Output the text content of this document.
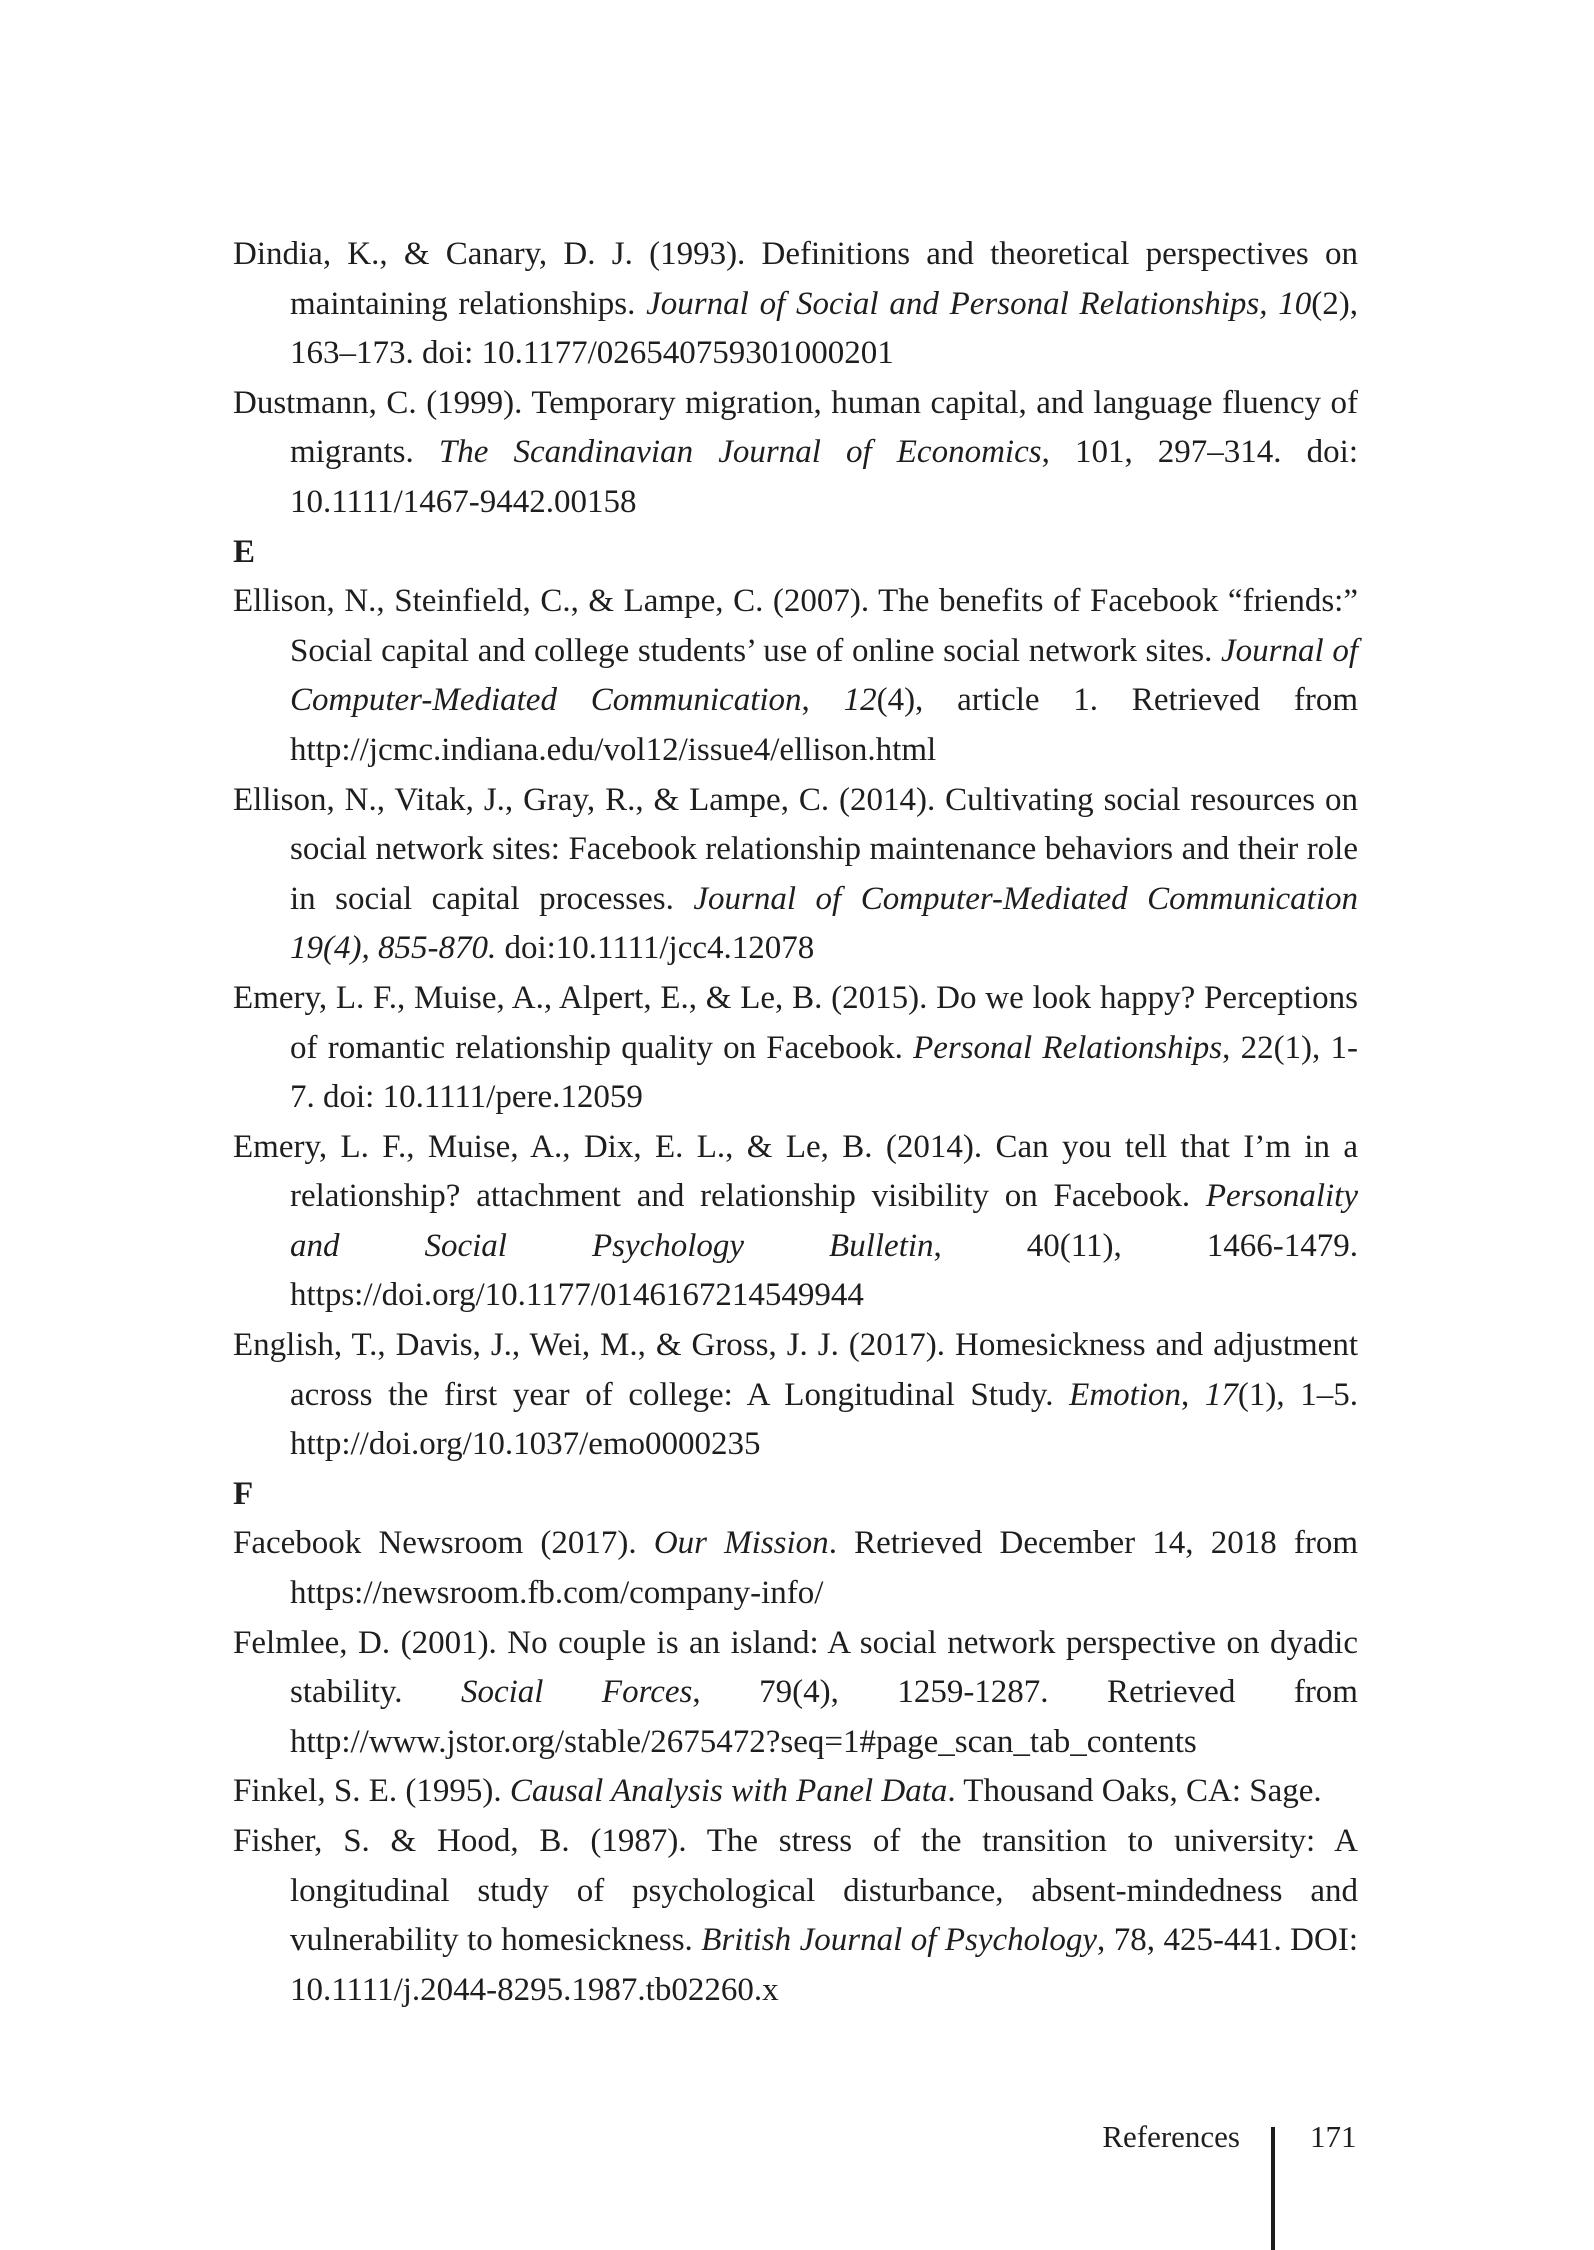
Dindia, K., & Canary, D. J. (1993). Definitions and theoretical perspectives on maintaining relationships. Journal of Social and Personal Relationships, 10(2), 163–173. doi: 10.1177/026540759301000201

Dustmann, C. (1999). Temporary migration, human capital, and language fluency of migrants. The Scandinavian Journal of Economics, 101, 297–314. doi: 10.1111/1467-9442.00158

E

Ellison, N., Steinfield, C., & Lampe, C. (2007). The benefits of Facebook “friends:” Social capital and college students’ use of online social network sites. Journal of Computer-Mediated Communication, 12(4), article 1. Retrieved from http://jcmc.indiana.edu/vol12/issue4/ellison.html

Ellison, N., Vitak, J., Gray, R., & Lampe, C. (2014). Cultivating social resources on social network sites: Facebook relationship maintenance behaviors and their role in social capital processes. Journal of Computer-Mediated Communication 19(4), 855-870. doi:10.1111/jcc4.12078

Emery, L. F., Muise, A., Alpert, E., & Le, B. (2015). Do we look happy? Perceptions of romantic relationship quality on Facebook. Personal Relationships, 22(1), 1-7. doi: 10.1111/pere.12059

Emery, L. F., Muise, A., Dix, E. L., & Le, B. (2014). Can you tell that I’m in a relationship? attachment and relationship visibility on Facebook. Personality and Social Psychology Bulletin, 40(11), 1466-1479. https://doi.org/10.1177/0146167214549944

English, T., Davis, J., Wei, M., & Gross, J. J. (2017). Homesickness and adjustment across the first year of college: A Longitudinal Study. Emotion, 17(1), 1–5. http://doi.org/10.1037/emo0000235

F

Facebook Newsroom (2017). Our Mission. Retrieved December 14, 2018 from https://newsroom.fb.com/company-info/

Felmlee, D. (2001). No couple is an island: A social network perspective on dyadic stability. Social Forces, 79(4), 1259-1287. Retrieved from http://www.jstor.org/stable/2675472?seq=1#page_scan_tab_contents

Finkel, S. E. (1995). Causal Analysis with Panel Data. Thousand Oaks, CA: Sage.

Fisher, S. & Hood, B. (1987). The stress of the transition to university: A longitudinal study of psychological disturbance, absent-mindedness and vulnerability to homesickness. British Journal of Psychology, 78, 425-441. DOI: 10.1111/j.2044-8295.1987.tb02260.x

References 171
